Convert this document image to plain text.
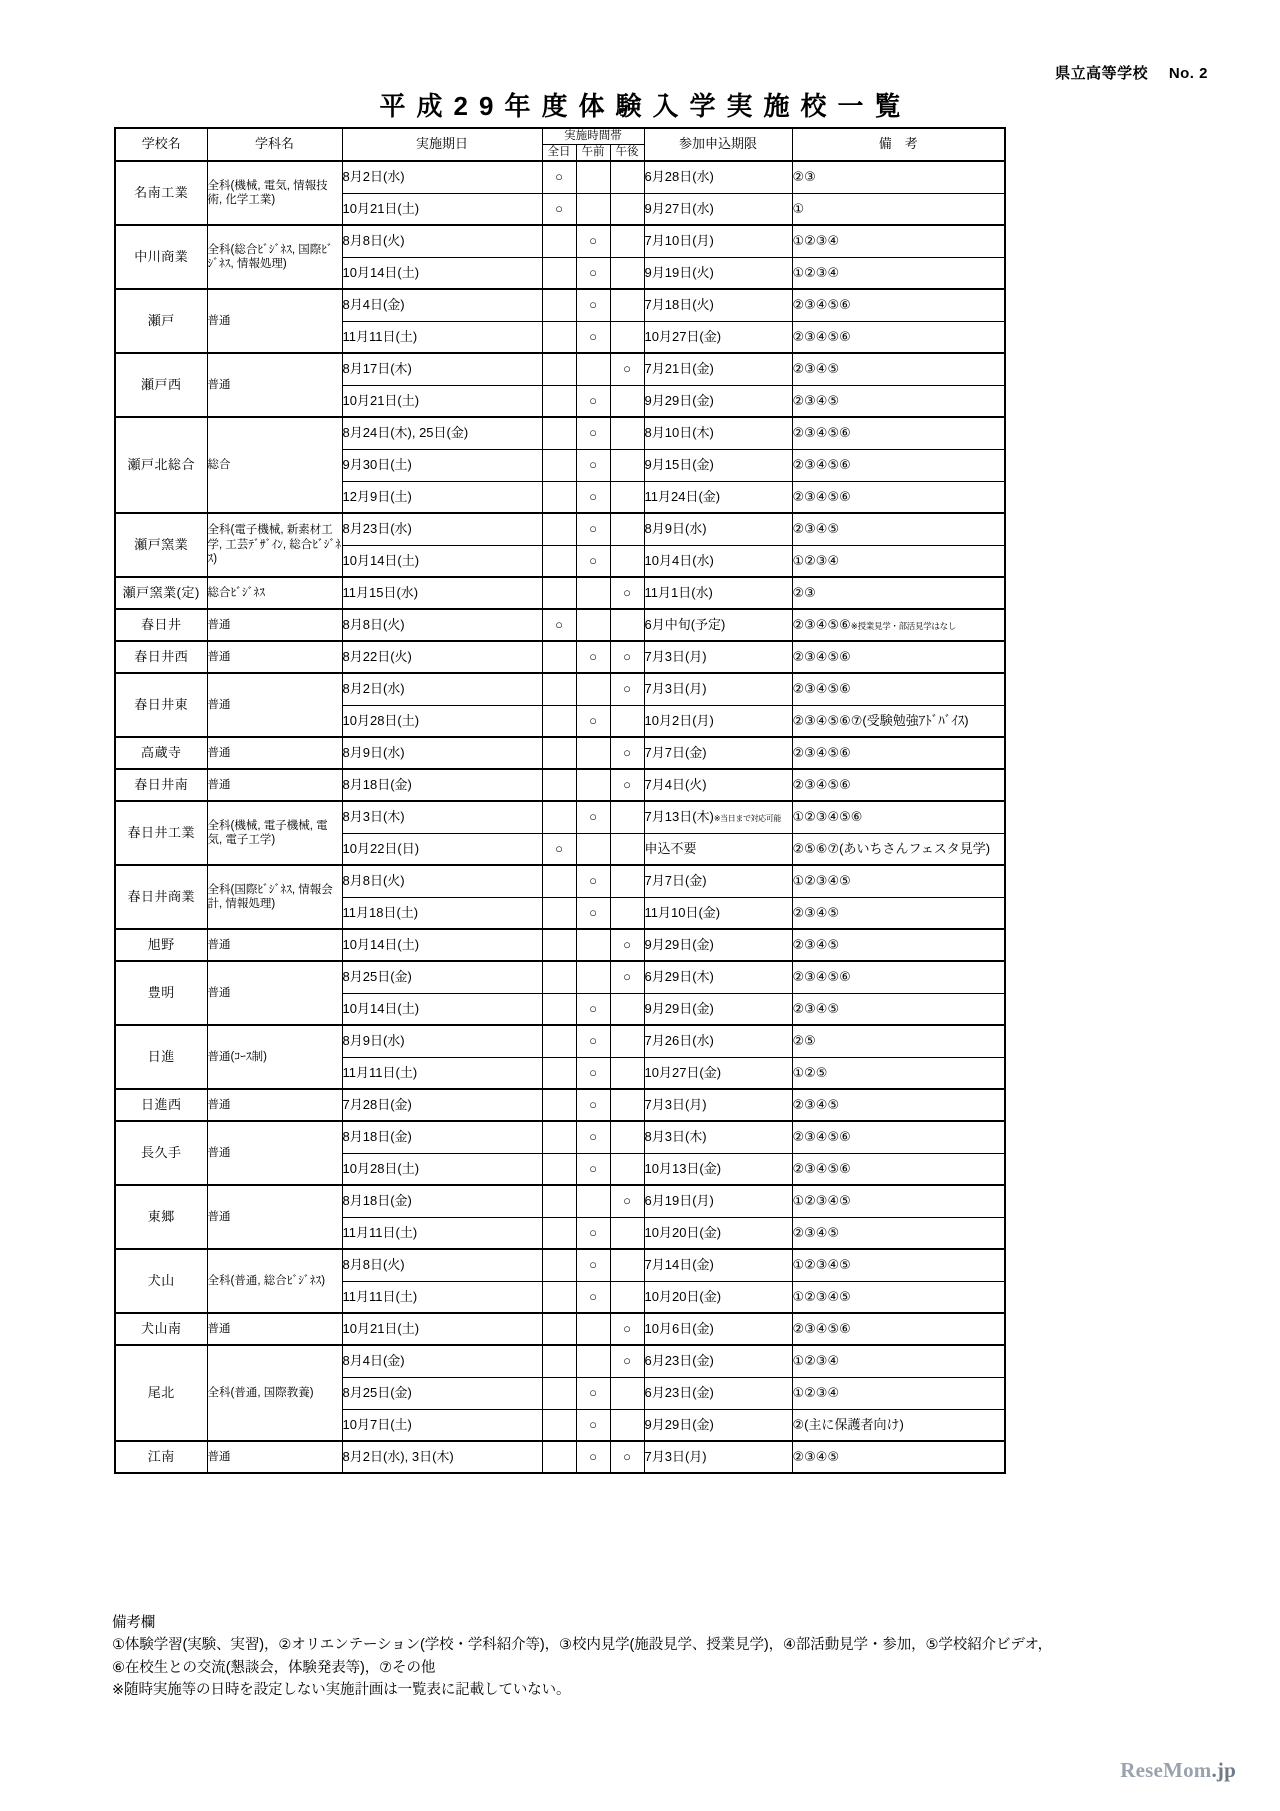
県立高等学校 No. 2
平成29年度体験入学実施校一覧
学校名	学科名	実施期日	実施時間帯			参加申込期限	備　考
			全日	午前	午後		
名南工業	全科(機械, 電気, 情報技術, 化学工業)	8月2日(水)	○			6月28日(水)	②③
		10月21日(土)	○			9月27日(水)	①
中川商業	全科(総合ﾋﾞｼﾞﾈｽ, 国際ﾋﾞｼﾞﾈｽ, 情報処理)	8月8日(火)		○		7月10日(月)	①②③④
		10月14日(土)		○		9月19日(火)	①②③④
瀬戸	普通	8月4日(金)		○		7月18日(火)	②③④⑤⑥
		11月11日(土)		○		10月27日(金)	②③④⑤⑥
瀬戸西	普通	8月17日(木)			○	7月21日(金)	②③④⑤
		10月21日(土)		○		9月29日(金)	②③④⑤
瀬戸北総合	総合	8月24日(木), 25日(金)		○		8月10日(木)	②③④⑤⑥
		9月30日(土)		○		9月15日(金)	②③④⑤⑥
		12月9日(土)		○		11月24日(金)	②③④⑤⑥
瀬戸窯業	全科(電子機械, 新素材工学, 工芸ﾃﾞｻﾞｲﾝ, 総合ﾋﾞｼﾞﾈｽ)	8月23日(水)		○		8月9日(水)	②③④⑤
		10月14日(土)		○		10月4日(水)	①②③④
瀬戸窯業(定)	総合ﾋﾞｼﾞﾈｽ	11月15日(水)			○	11月1日(水)	②③
春日井	普通	8月8日(火)	○			6月中旬(予定)	②③④⑤⑥※授業見学・部活見学はなし
春日井西	普通	8月22日(火)		○	○	7月3日(月)	②③④⑤⑥
春日井東	普通	8月2日(水)			○	7月3日(月)	②③④⑤⑥
		10月28日(土)		○		10月2日(月)	②③④⑤⑥⑦(受験勉強ｱﾄﾞﾊﾞｲｽ)
高蔵寺	普通	8月9日(水)			○	7月7日(金)	②③④⑤⑥
春日井南	普通	8月18日(金)			○	7月4日(火)	②③④⑤⑥
春日井工業	全科(機械, 電子機械, 電気, 電子工学)	8月3日(木)		○		7月13日(木)※当日まで対応可能	①②③④⑤⑥
		10月22日(日)	○			申込不要	②⑤⑥⑦(あいちさんフェスタ見学)
春日井商業	全科(国際ﾋﾞｼﾞﾈｽ, 情報会計, 情報処理)	8月8日(火)		○		7月7日(金)	①②③④⑤
		11月18日(土)		○		11月10日(金)	②③④⑤
旭野	普通	10月14日(土)			○	9月29日(金)	②③④⑤
豊明	普通	8月25日(金)			○	6月29日(木)	②③④⑤⑥
		10月14日(土)		○		9月29日(金)	②③④⑤
日進	普通(ｺｰｽ制)	8月9日(水)		○		7月26日(水)	②⑤
		11月11日(土)		○		10月27日(金)	①②⑤
日進西	普通	7月28日(金)		○		7月3日(月)	②③④⑤
長久手	普通	8月18日(金)		○		8月3日(木)	②③④⑤⑥
		10月28日(土)		○		10月13日(金)	②③④⑤⑥
東郷	普通	8月18日(金)			○	6月19日(月)	①②③④⑤
		11月11日(土)		○		10月20日(金)	②③④⑤
犬山	全科(普通, 総合ﾋﾞｼﾞﾈｽ)	8月8日(火)		○		7月14日(金)	①②③④⑤
		11月11日(土)		○		10月20日(金)	①②③④⑤
犬山南	普通	10月21日(土)			○	10月6日(金)	②③④⑤⑥
尾北	全科(普通, 国際教養)	8月4日(金)			○	6月23日(金)	①②③④
		8月25日(金)		○		6月23日(金)	①②③④
		10月7日(土)		○		9月29日(金)	②(主に保護者向け)
江南	普通	8月2日(水), 3日(木)		○	○	7月3日(月)	②③④⑤
備考欄
①体験学習(実験、実習)，②オリエンテーション(学校・学科紹介等)，③校内見学(施設見学、授業見学)，④部活動見学・参加，⑤学校紹介ビデオ，
⑥在校生との交流(懇談会，体験発表等)，⑦その他
※随時実施等の日時を設定しない実施計画は一覧表に記載していない。
ReseMom.jp
